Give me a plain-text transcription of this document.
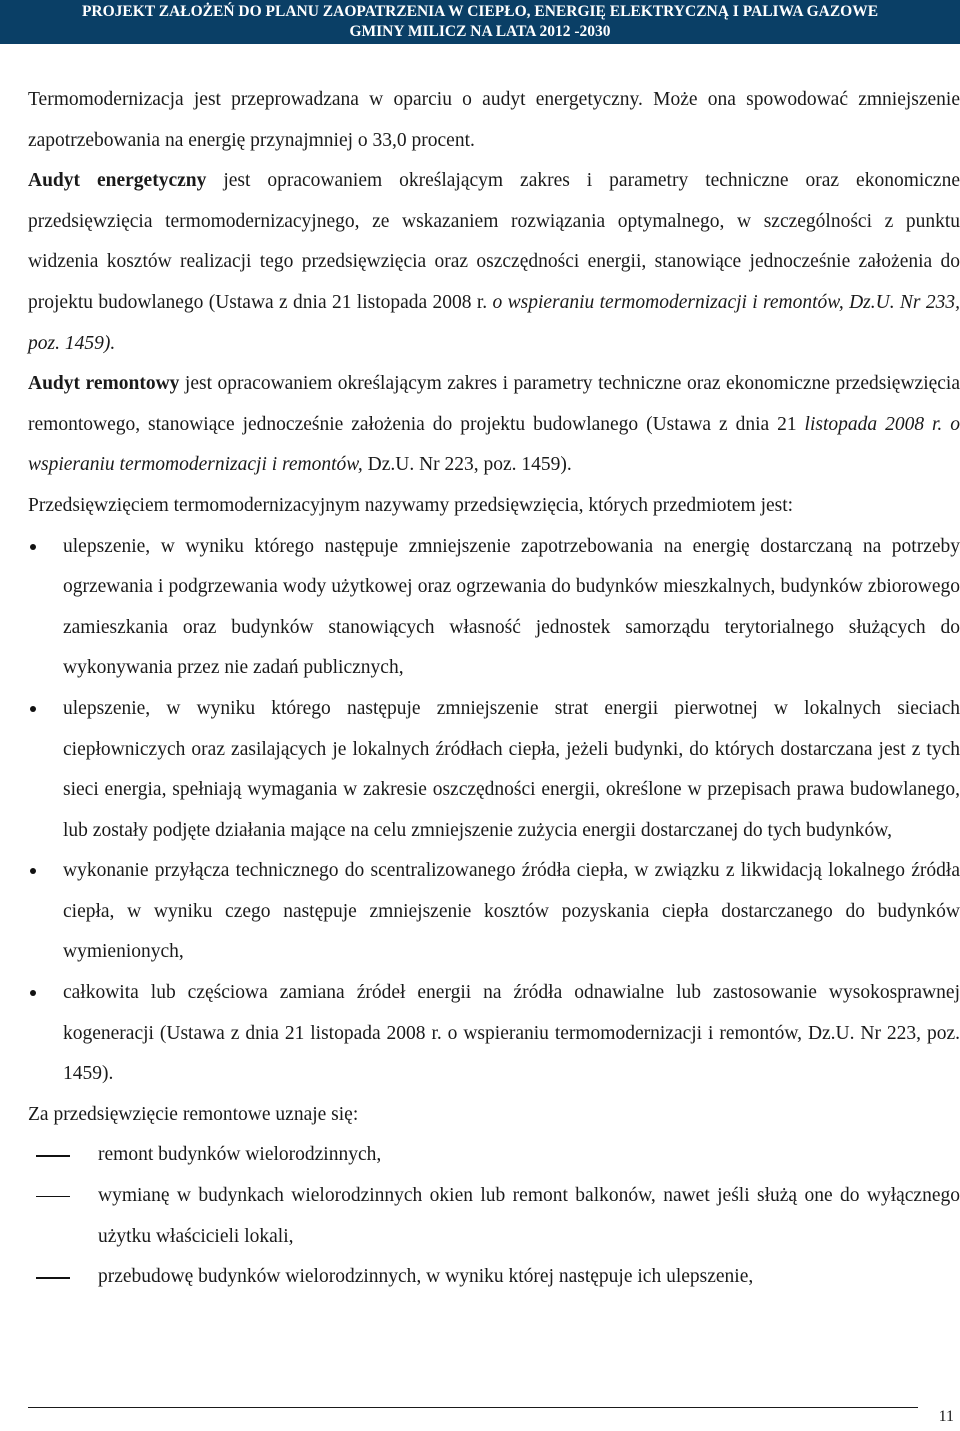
PROJEKT ZAŁOŻEŃ DO PLANU ZAOPATRZENIA W CIEPŁO, ENERGIĘ ELEKTRYCZNĄ I PALIWA GAZOWE
GMINY MILICZ NA LATA 2012 -2030

Termomodernizacja jest przeprowadzana w oparciu o audyt energetyczny. Może ona spowodować zmniejszenie zapotrzebowania na energię przynajmniej o 33,0 procent.

Audyt energetyczny jest opracowaniem określającym zakres i parametry techniczne oraz ekonomiczne przedsięwzięcia termomodernizacyjnego, ze wskazaniem rozwiązania optymalnego, w szczególności z punktu widzenia kosztów realizacji tego przedsięwzięcia oraz oszczędności energii, stanowiące jednocześnie założenia do projektu budowlanego (Ustawa z dnia 21 listopada 2008 r. o wspieraniu termomodernizacji i remontów, Dz.U. Nr 233, poz. 1459).

Audyt remontowy jest opracowaniem określającym zakres i parametry techniczne oraz ekonomiczne przedsięwzięcia remontowego, stanowiące jednocześnie założenia do projektu budowlanego (Ustawa z dnia 21 listopada 2008 r. o wspieraniu termomodernizacji i remontów, Dz.U. Nr 223, poz. 1459).

Przedsięwzięciem termomodernizacyjnym nazywamy przedsięwzięcia, których przedmiotem jest:

ulepszenie, w wyniku którego następuje zmniejszenie zapotrzebowania na energię dostarczaną na potrzeby ogrzewania i podgrzewania wody użytkowej oraz ogrzewania do budynków mieszkalnych, budynków zbiorowego zamieszkania oraz budynków stanowiących własność jednostek samorządu terytorialnego służących do wykonywania przez nie zadań publicznych,
ulepszenie, w wyniku którego następuje zmniejszenie strat energii pierwotnej w lokalnych sieciach ciepłowniczych oraz zasilających je lokalnych źródłach ciepła, jeżeli budynki, do których dostarczana jest z tych sieci energia, spełniają wymagania w zakresie oszczędności energii, określone w przepisach prawa budowlanego, lub zostały podjęte działania mające na celu zmniejszenie zużycia energii dostarczanej do tych budynków,
wykonanie przyłącza technicznego do scentralizowanego źródła ciepła, w związku z likwidacją lokalnego źródła ciepła, w wyniku czego następuje zmniejszenie kosztów pozyskania ciepła dostarczanego do budynków wymienionych,
całkowita lub częściowa zamiana źródeł energii na źródła odnawialne lub zastosowanie wysokosprawnej kogeneracji (Ustawa z dnia 21 listopada 2008 r. o wspieraniu termomodernizacji i remontów, Dz.U. Nr 223, poz. 1459).

Za przedsięwzięcie remontowe uznaje się:

remont budynków wielorodzinnych,
wymianę w budynkach wielorodzinnych okien lub remont balkonów, nawet jeśli służą one do wyłącznego użytku właścicieli lokali,
przebudowę budynków wielorodzinnych, w wyniku której następuje ich ulepszenie,
11
